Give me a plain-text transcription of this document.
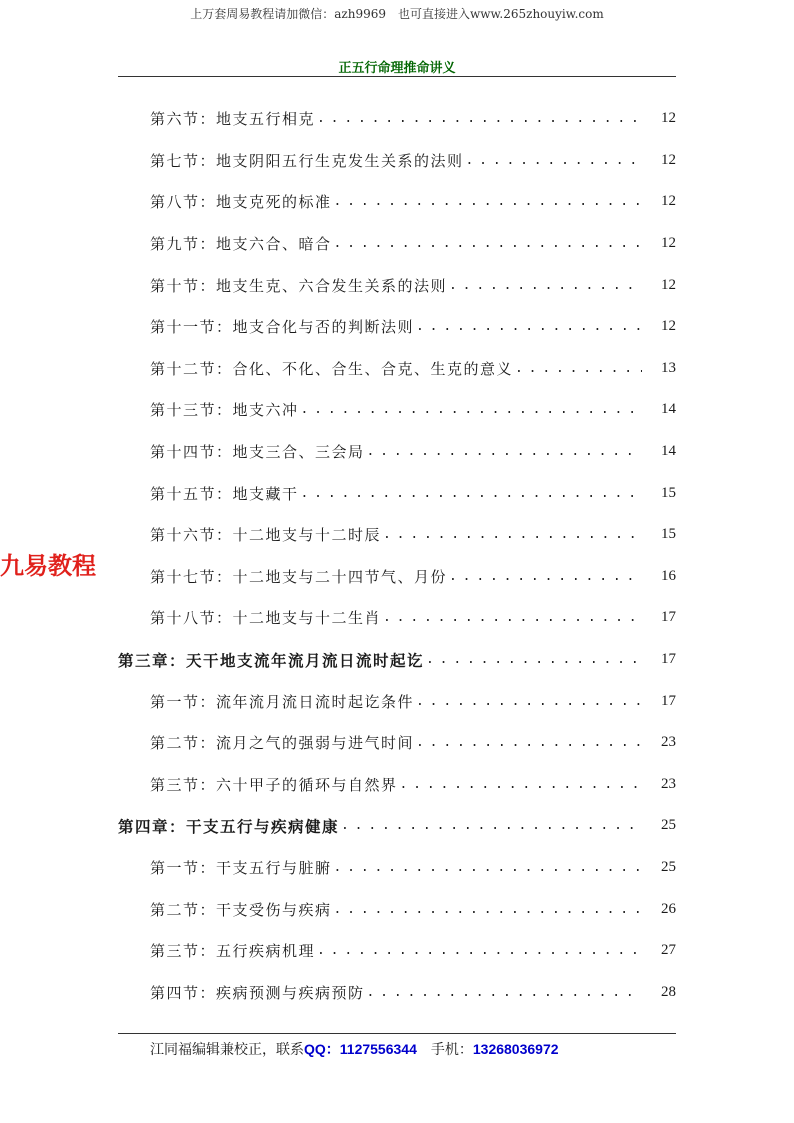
上万套周易教程请加微信：azh9969　也可直接进入www.265zhouyiw.com
正五行命理推命讲义
第六节：地支五行相克 . . .	12
第七节：地支阴阳五行生克发生关系的法则 . . .	12
第八节：地支克死的标准 . . .	12
第九节：地支六合、暗合 . . .	12
第十节：地支生克、六合发生关系的法则 . . .	12
第十一节：地支合化与否的判断法则 . . .	12
第十二节：合化、不化、合生、合克、生克的意义 . . .	13
第十三节：地支六冲 . . .	14
第十四节：地支三合、三会局 . . .	14
第十五节：地支藏干 . . .	15
第十六节：十二地支与十二时辰 . . .	15
第十七节：十二地支与二十四节气、月份 . . .	16
第十八节：十二地支与十二生肖 . . .	17
第三章：天干地支流年流月流日流时起讫 . . .	17
第一节：流年流月流日流时起讫条件 . . .	17
第二节：流月之气的强弱与进气时间 . . .	23
第三节：六十甲子的循环与自然界 . . .	23
第四章：干支五行与疾病健康 . . .	25
第一节：干支五行与脏腑 . . .	25
第二节：干支受伤与疾病 . . .	26
第三节：五行疾病机理 . . .	27
第四节：疾病预测与疾病预防 . . .	28
九易教程
江同福编辑兼校正，联系QQ：1127556344 手机：13268036972
